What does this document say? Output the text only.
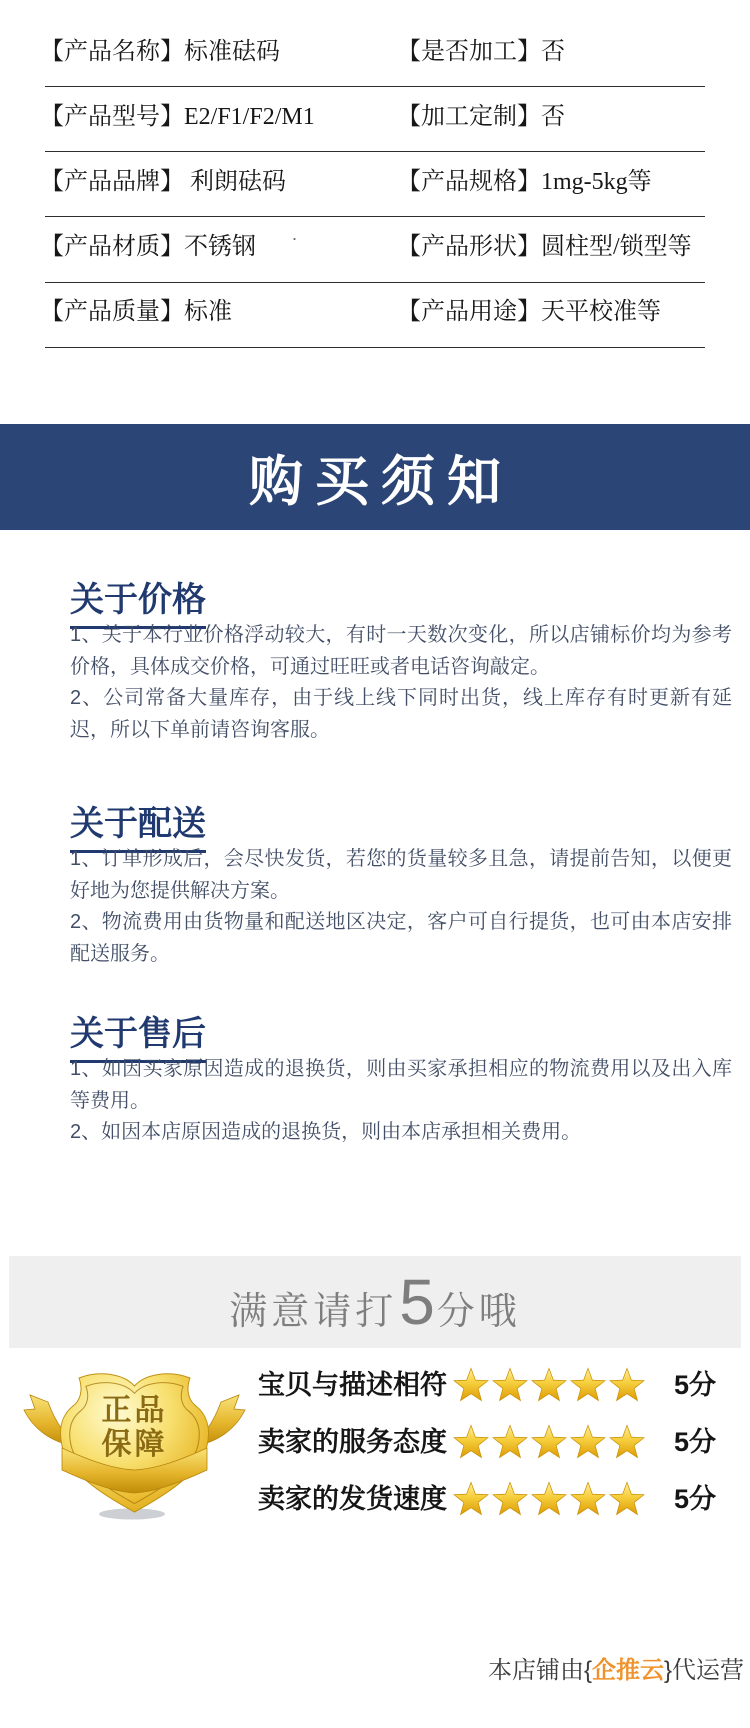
【产品名称】标准砝码	【是否加工】否
【产品型号】E2/F1/F2/M1	【加工定制】否
【产品品牌】 利朗砝码	【产品规格】1mg-5kg等
【产品材质】不锈钢	【产品形状】圆柱型/锁型等
【产品质量】标准	【产品用途】天平校准等
.
购买须知
关于价格

1、关于本行业价格浮动较大，有时一天数次变化，所以店铺标价均为参考价格，具体成交价格，可通过旺旺或者电话咨询敲定。

2、公司常备大量库存，由于线上线下同时出货，线上库存有时更新有延迟，所以下单前请咨询客服。

关于配送

1、订单形成后，会尽快发货，若您的货量较多且急，请提前告知，以便更好地为您提供解决方案。

2、物流费用由货物量和配送地区决定，客户可自行提货，也可由本店安排配送服务。

关于售后

1、如因买家原因造成的退换货，则由买家承担相应的物流费用以及出入库等费用。

2、如因本店原因造成的退换货，则由本店承担相关费用。

满意请打 5 分哦
正品
保障
宝贝与描述相符	5分
卖家的服务态度	5分
卖家的发货速度	5分
本店铺由{企推云}代运营
